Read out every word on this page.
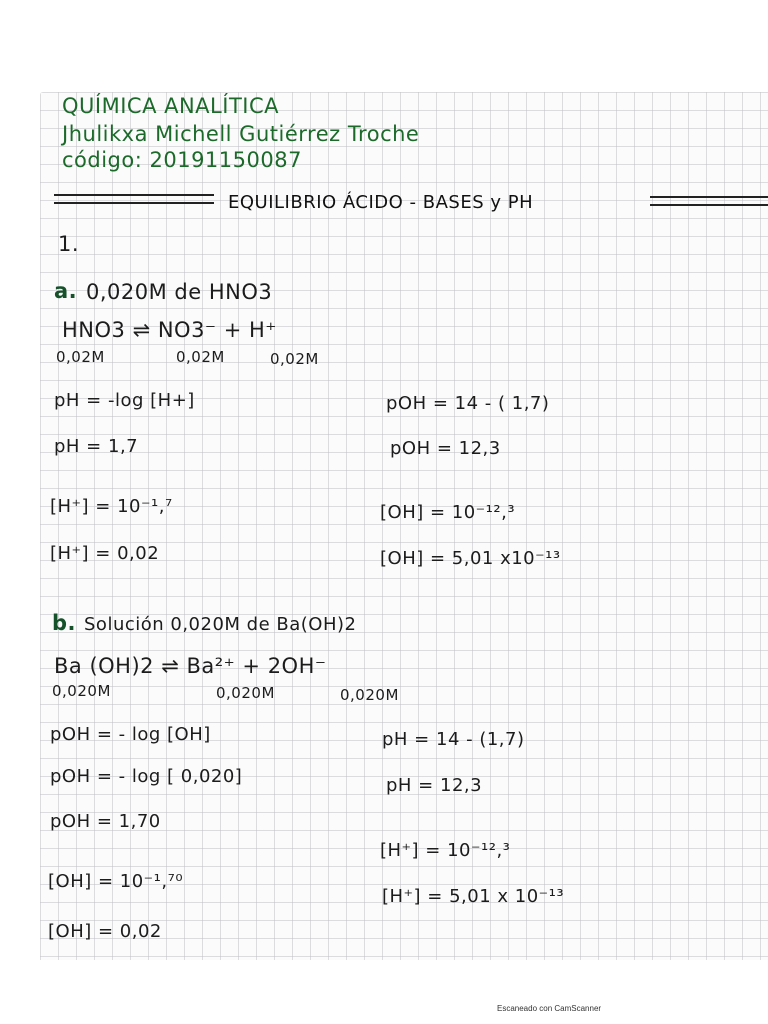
QUÍMICA ANALÍTICA
Jhulikxa Michell Gutiérrez Troche
código: 20191150087
EQUILIBRIO ÁCIDO - BASES y PH
1.
a. 0,020M de HNO3
HNO3 ⇌ NO3⁻ + H⁺
0,02M	0,02M	0,02M
pH = -log [H+]
pH = 1,7
[H⁺] = 10⁻¹,⁷
[H⁺] = 0,02
pOH = 14 - ( 1,7)
pOH = 12,3
[OH] = 10⁻¹²,³
[OH] = 5,01 x10⁻¹³
b. Solución 0,020M de Ba(OH)2
Ba (OH)2 ⇌ Ba²⁺ + 2OH⁻
0,020M	0,020M	0,020M
pOH = - log [OH]
pOH = - log [ 0,020]
pOH = 1,70
[OH] = 10⁻¹,⁷⁰
[OH] = 0,02
pH = 14 - (1,7)
pH = 12,3
[H⁺] = 10⁻¹²,³
[H⁺] = 5,01 x 10⁻¹³
Escaneado con CamScanner
